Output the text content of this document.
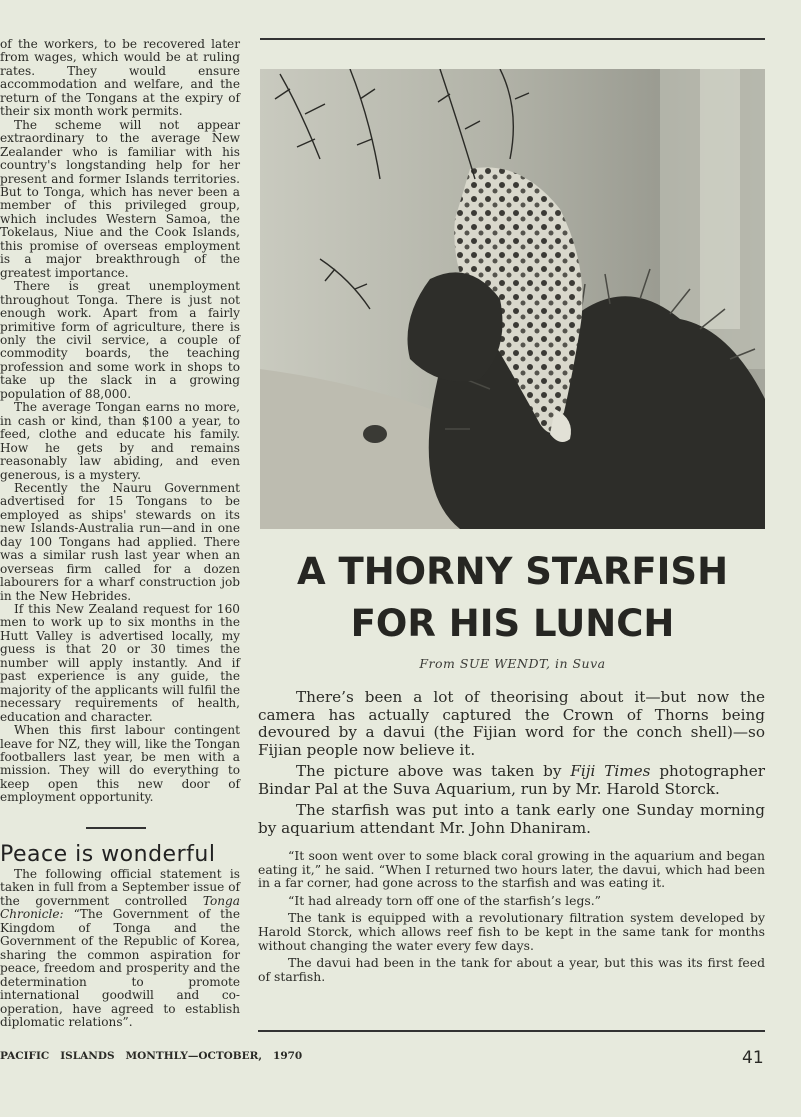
of the workers, to be recovered later from wages, which would be at ruling rates. They would ensure accommodation and welfare, and the return of the Tongans at the expiry of their six month work permits.

The scheme will not appear extraordinary to the average New Zealander who is familiar with his country's longstanding help for her present and former Islands territories. But to Tonga, which has never been a member of this privileged group, which includes Western Samoa, the Tokelaus, Niue and the Cook Islands, this promise of overseas employment is a major breakthrough of the greatest importance.

There is great unemployment throughout Tonga. There is just not enough work. Apart from a fairly primitive form of agriculture, there is only the civil service, a couple of commodity boards, the teaching profession and some work in shops to take up the slack in a growing population of 88,000.

The average Tongan earns no more, in cash or kind, than $100 a year, to feed, clothe and educate his family. How he gets by and remains reasonably law abiding, and even generous, is a mystery.

Recently the Nauru Government advertised for 15 Tongans to be employed as ships' stewards on its new Islands-Australia run—and in one day 100 Tongans had applied. There was a similar rush last year when an overseas firm called for a dozen labourers for a wharf construction job in the New Hebrides.

If this New Zealand request for 160 men to work up to six months in the Hutt Valley is advertised locally, my guess is that 20 or 30 times the number will apply instantly. And if past experience is any guide, the majority of the applicants will fulfil the necessary requirements of health, education and character.

When this first labour contingent leave for NZ, they will, like the Tongan footballers last year, be men with a mission. They will do everything to keep open this new door of employment opportunity.

Peace is wonderful

The following official statement is taken in full from a September issue of the government controlled Tonga Chronicle: “The Government of the Kingdom of Tonga and the Government of the Republic of Korea, sharing the common aspiration for peace, freedom and prosperity and the determination to promote international goodwill and co-operation, have agreed to establish diplomatic relations”.

A THORNY STARFISH
FOR HIS LUNCH

From SUE WENDT, in Suva

There’s been a lot of theorising about it—but now the camera has actually captured the Crown of Thorns being devoured by a davui (the Fijian word for the conch shell)—so Fijian people now believe it.

The picture above was taken by Fiji Times photographer Bindar Pal at the Suva Aquarium, run by Mr. Harold Storck.

The starfish was put into a tank early one Sunday morning by aquarium attendant Mr. John Dhaniram.

“It soon went over to some black coral growing in the aquarium and began eating it,” he said. “When I returned two hours later, the davui, which had been in a far corner, had gone across to the starfish and was eating it.

“It had already torn off one of the starfish’s legs.”

The tank is equipped with a revolutionary filtration system developed by Harold Storck, which allows reef fish to be kept in the same tank for months without changing the water every few days.

The davui had been in the tank for about a year, but this was its first feed of starfish.

PACIFIC   ISLANDS   MONTHLY—OCTOBER,   1970	41
